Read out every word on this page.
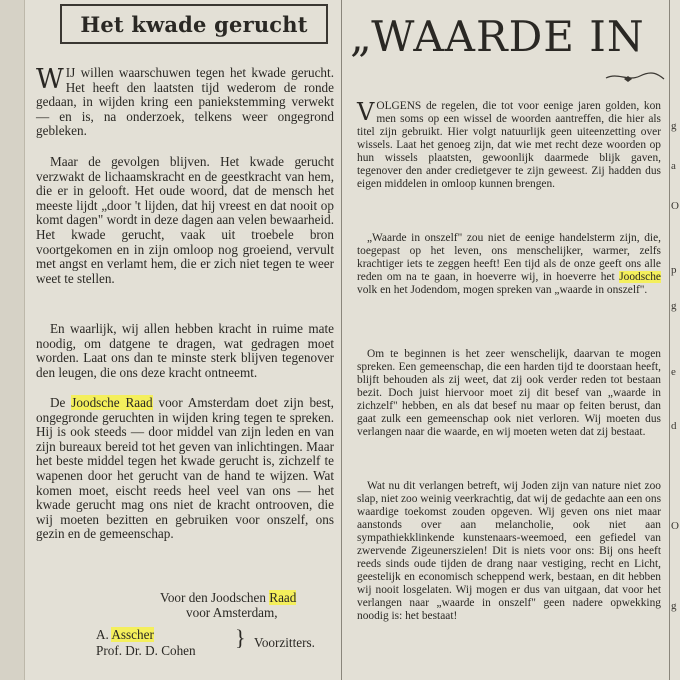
Het kwade gerucht

WIJ willen waarschuwen tegen het kwade gerucht. Het heeft den laatsten tijd wederom de ronde gedaan, in wijden kring een paniekstemming verwekt — en is, na onderzoek, telkens weer ongegrond gebleken.

Maar de gevolgen blijven. Het kwade gerucht verzwakt de lichaamskracht en de geestkracht van hem, die er in gelooft. Het oude woord, dat de mensch het meeste lijdt „door 't lijden, dat hij vreest en dat nooit op komt dagen" wordt in deze dagen aan velen bewaarheid. Het kwade gerucht, vaak uit troebele bron voortgekomen en in zijn omloop nog groeiend, vervult met angst en verlamt hem, die er zich niet tegen te weer weet te stellen.

En waarlijk, wij allen hebben kracht in ruime mate noodig, om datgene te dragen, wat gedragen moet worden. Laat ons dan te minste sterk blijven tegenover den leugen, die ons deze kracht ontneemt.

De Joodsche Raad voor Amsterdam doet zijn best, ongegronde geruchten in wijden kring tegen te spreken. Hij is ook steeds — door middel van zijn leden en van zijn bureaux bereid tot het geven van inlichtingen. Maar het beste middel tegen het kwade gerucht is, zichzelf te wapenen door het gerucht van de hand te wijzen. Wat komen moet, eischt reeds heel veel van ons — het kwade gerucht mag ons niet de kracht ontrooven, die wij moeten bezitten en gebruiken voor onszelf, ons gezin en de gemeenschap.

Voor den Joodschen Raad
voor Amsterdam,
A. Asscher
Prof. Dr. D. Cohen
} Voorzitters.
„WAARDE IN

VOLGENS de regelen, die tot voor eenige jaren golden, kon men soms op een wissel de woorden aantreffen, die hier als titel zijn gebruikt. Hier volgt natuurlijk geen uiteenzetting over wissels. Laat het genoeg zijn, dat wie met recht deze woorden op hun wissels plaatsten, gewoonlijk daarmede blijk gaven, tegenover den ander credietgever te zijn geweest. Zij hadden dus eigen middelen in omloop kunnen brengen.

„Waarde in onszelf" zou niet de eenige handelsterm zijn, die, toegepast op het leven, ons menschelijker, warmer, zelfs krachtiger iets te zeggen heeft! Een tijd als de onze geeft ons alle reden om na te gaan, in hoeverre wij, in hoeverre het Joodsche volk en het Jodendom, mogen spreken van „waarde in onszelf".

Om te beginnen is het zeer wenschelijk, daarvan te mogen spreken. Een gemeenschap, die een harden tijd te doorstaan heeft, blijft behouden als zij weet, dat zij ook verder reden tot bestaan bezit. Doch juist hiervoor moet zij dit besef van „waarde in zichzelf" hebben, en als dat besef nu maar op feiten berust, dan gaat zulk een gemeenschap ook niet verloren. Wij moeten dus verlangen naar die waarde, en wij moeten weten dat zij bestaat.

Wat nu dit verlangen betreft, wij Joden zijn van nature niet zoo slap, niet zoo weinig veerkrachtig, dat wij de gedachte aan een ons waardige toekomst zouden opgeven. Wij geven ons niet maar aanstonds over aan melancholie, ook niet aan sympathiekklinkende kunstenaars-weemoed, een gefiedel van zwervende Zigeunerszielen! Dit is niets voor ons: Bij ons heeft reeds sinds oude tijden de drang naar vestiging, recht en Licht, geestelijk en economisch scheppend werk, bestaan, en dit hebben wij nooit losgelaten. Wij mogen er dus van uitgaan, dat voor het verlangen naar „waarde in onszelf" geen nadere opwekking noodig is: het bestaat!

g
a
O
p
g
e
d
O
g
